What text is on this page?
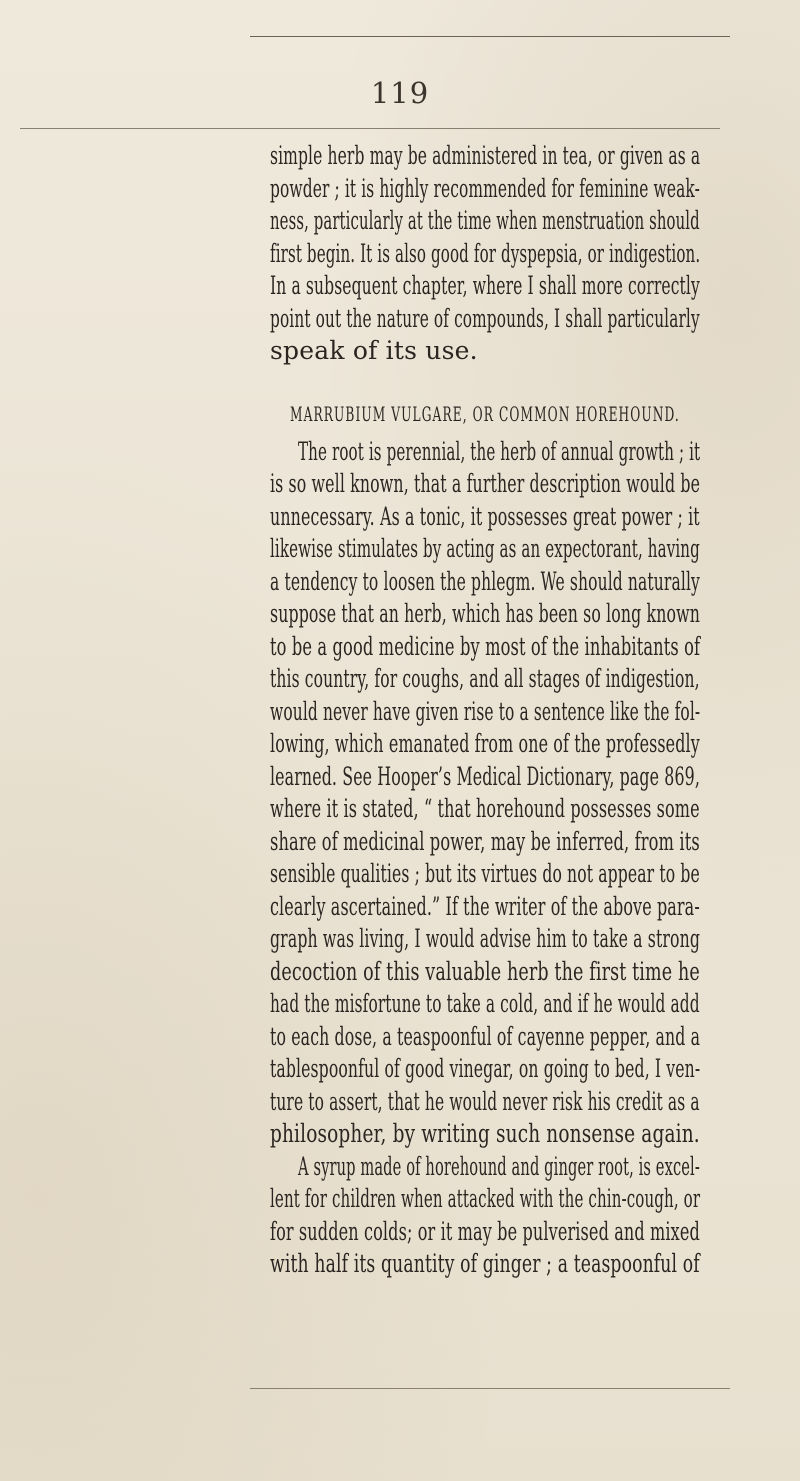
119

simple herb may be administered in tea, or given as a

powder ; it is highly recommended for feminine weak-

ness, particularly at the time when menstruation should

first begin. It is also good for dyspepsia, or indigestion.

In a subsequent chapter, where I shall more correctly

point out the nature of compounds, I shall particularly

speak of its use.

MARRUBIUM VULGARE, OR COMMON HOREHOUND.

The root is perennial, the herb of annual growth ; it

is so well known, that a further description would be

unnecessary. As a tonic, it possesses great power ; it

likewise stimulates by acting as an expectorant, having

a tendency to loosen the phlegm. We should naturally

suppose that an herb, which has been so long known

to be a good medicine by most of the inhabitants of

this country, for coughs, and all stages of indigestion,

would never have given rise to a sentence like the fol-

lowing, which emanated from one of the professedly

learned. See Hooper’s Medical Dictionary, page 869,

where it is stated, “ that horehound possesses some

share of medicinal power, may be inferred, from its

sensible qualities ; but its virtues do not appear to be

clearly ascertained.” If the writer of the above para-

graph was living, I would advise him to take a strong

decoction of this valuable herb the first time he

had the misfortune to take a cold, and if he would add

to each dose, a teaspoonful of cayenne pepper, and a

tablespoonful of good vinegar, on going to bed, I ven-

ture to assert, that he would never risk his credit as a

philosopher, by writing such nonsense again.

A syrup made of horehound and ginger root, is excel-

lent for children when attacked with the chin-cough, or

for sudden colds; or it may be pulverised and mixed

with half its quantity of ginger ; a teaspoonful of
